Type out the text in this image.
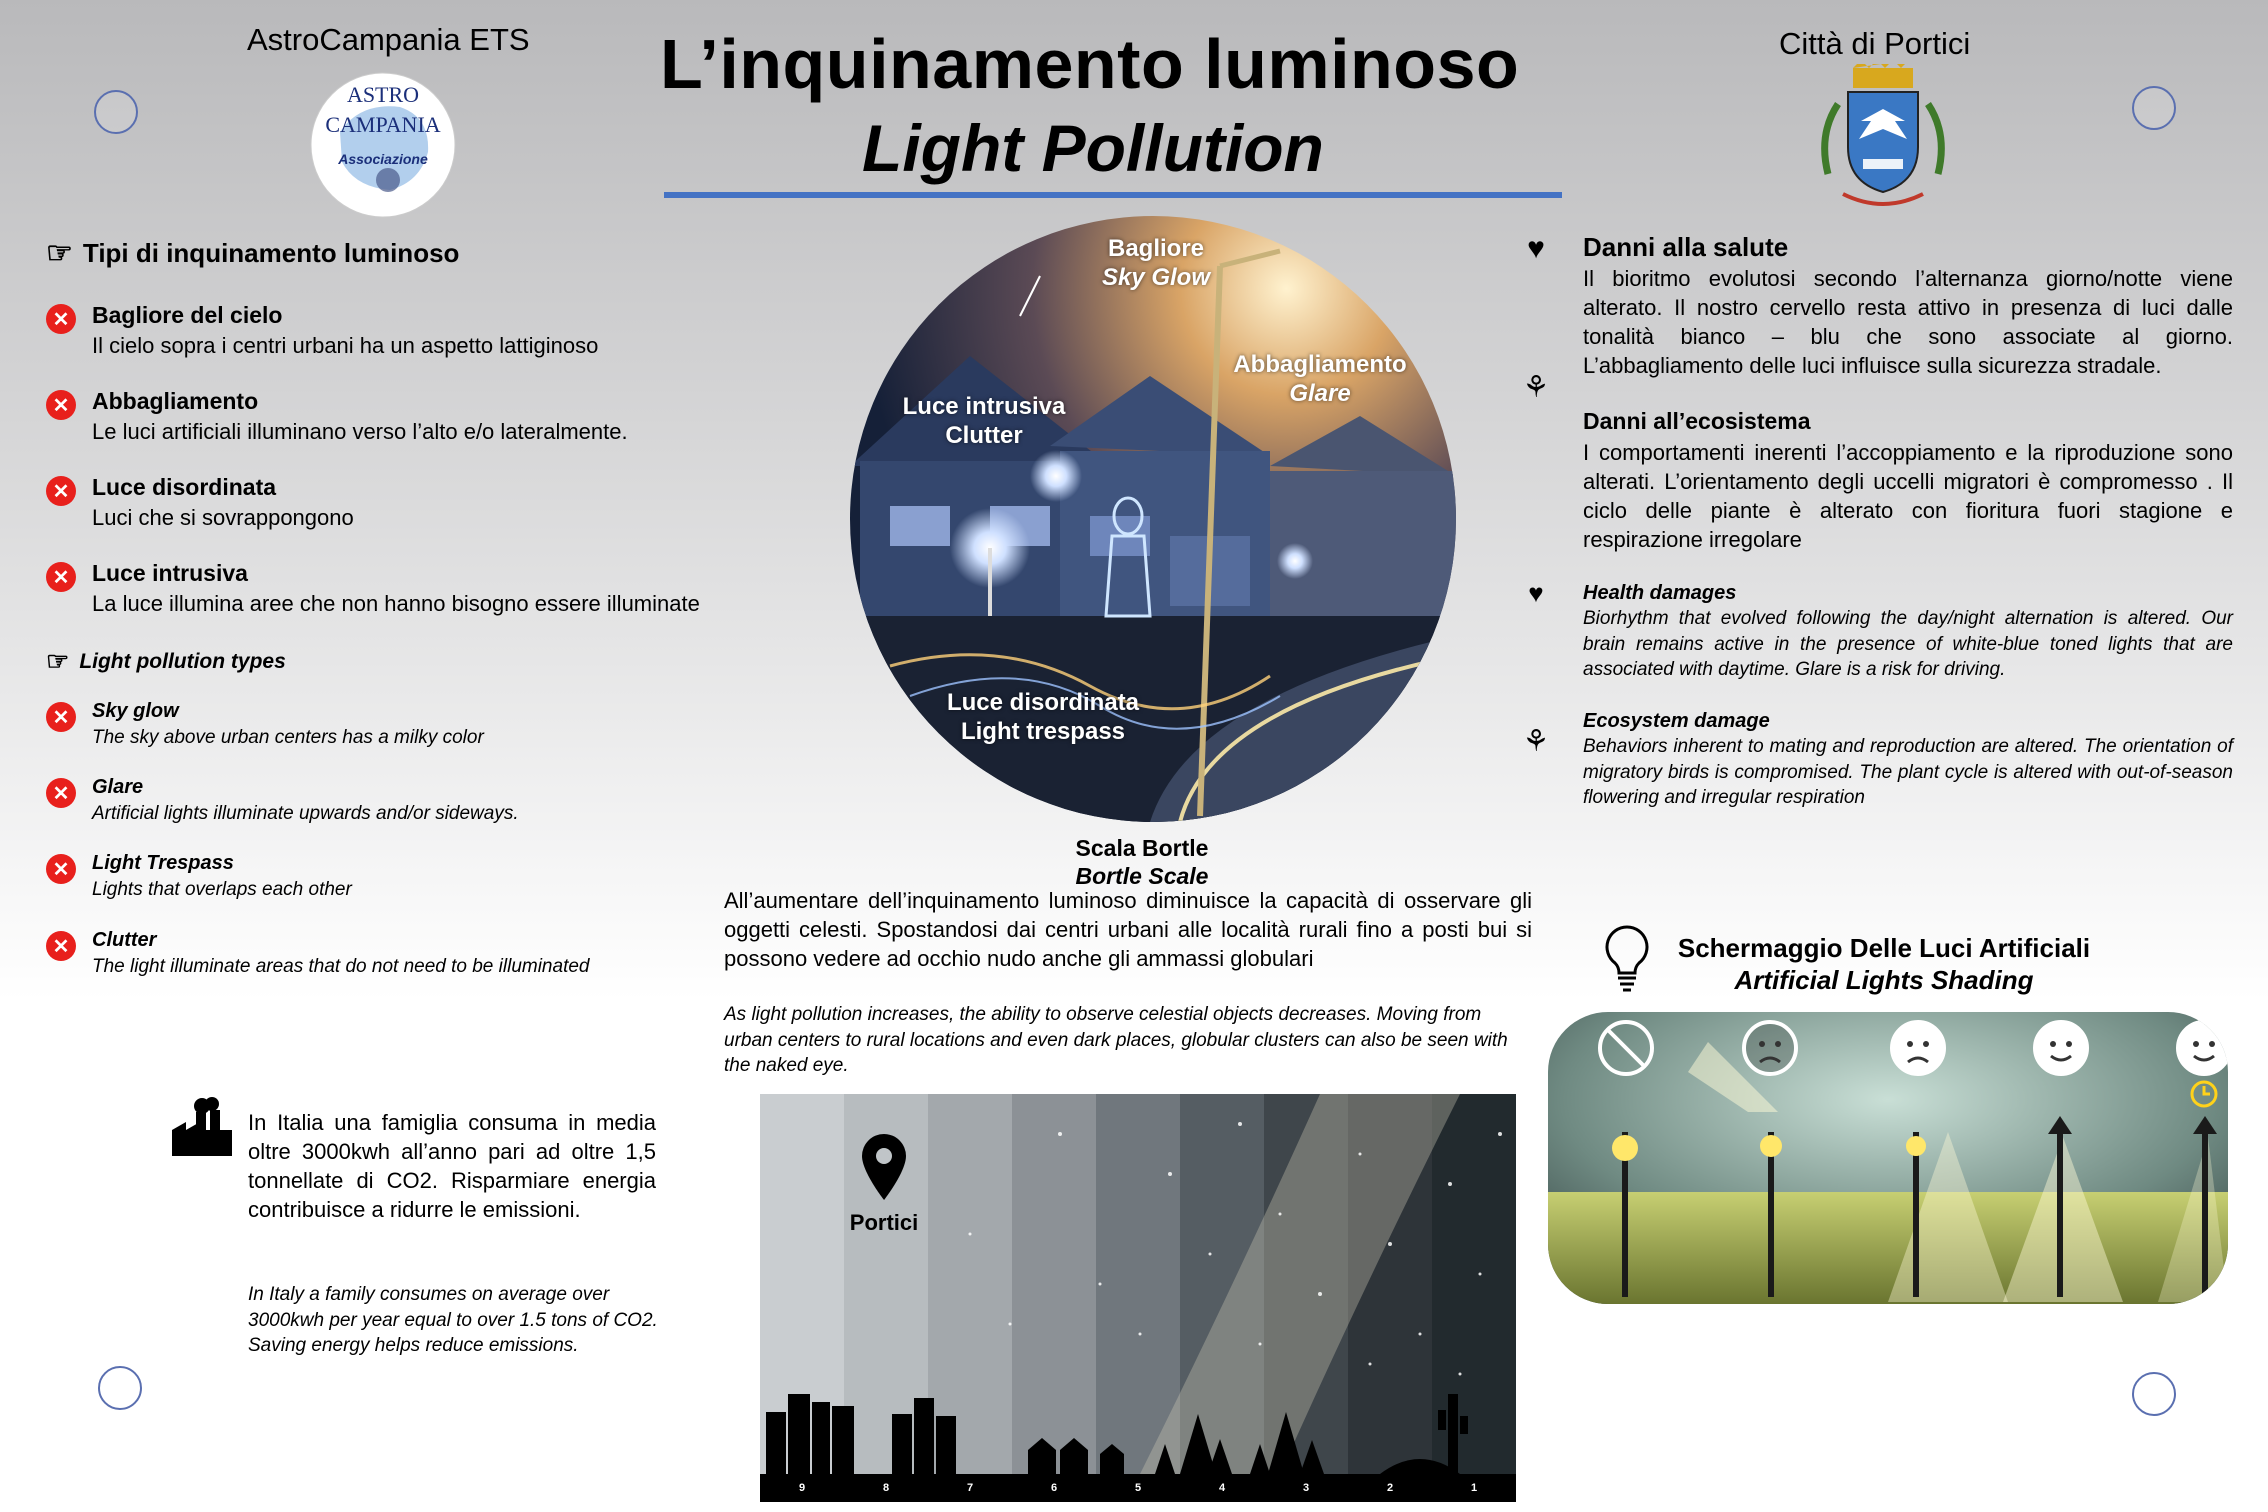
AstroCampania ETS
ASTRO
CAMPANIA
Associazione
L’inquinamento luminoso
Light Pollution
Città di Portici
☞ Tipi di inquinamento luminoso
✕ Bagliore del cielo
Il cielo sopra i centri urbani ha un aspetto lattiginoso
✕ Abbagliamento
Le luci artificiali illuminano verso l’alto e/o lateralmente.
✕ Luce disordinata
Luci che si sovrappongono
✕ Luce intrusiva
La luce illumina aree che non hanno bisogno essere illuminate
☞ Light pollution types
✕	Sky glow
The sky above urban centers has a milky color
✕	Glare
Artificial lights illuminate upwards and/or sideways.
✕	Light Trespass
Lights that overlaps each other
✕	Clutter
The light illuminate areas that do not need to be illuminated
Bagliore
Sky Glow
Abbagliamento
Glare
Luce intrusiva
Clutter
Luce disordinata
Light trespass
Scala Bortle
Bortle Scale
All’aumentare dell’inquinamento luminoso diminuisce la capacità di osservare gli oggetti celesti. Spostandosi dai centri urbani alle località rurali fino a posti bui si possono vedere ad occhio nudo anche gli ammassi globulari
As light pollution increases, the ability to observe celestial objects decreases. Moving from urban centers to rural locations and even dark places, globular clusters can also be seen with the naked eye.
Portici
9	8	7	6	5	4	3	2	1
In Italia una famiglia consuma in media oltre 3000kwh all’anno pari ad oltre 1,5 tonnellate di CO2. Risparmiare energia contribuisce a ridurre le emissioni.
In Italy a family consumes on average over 3000kwh per year equal to over 1.5 tons of CO2. Saving energy helps reduce emissions.
♥	Danni alla salute
Il bioritmo evolutosi secondo l’alternanza giorno/notte viene alterato. Il nostro cervello resta attivo in presenza di luci dalle tonalità bianco – blu che sono associate al giorno. L’abbagliamento delle luci influisce sulla sicurezza stradale.
⚘
Danni all’ecosistema
I comportamenti inerenti l’accoppiamento e la riproduzione sono alterati. L’orientamento degli uccelli migratori è compromesso . Il ciclo delle piante è alterato con fioritura fuori stagione e respirazione irregolare
♥	Health damages
Biorhythm that evolved following the day/night alternation is altered. Our brain remains active in the presence of white-blue toned lights that are associated with daytime. Glare is a risk for driving.
⚘
Ecosystem damage
Behaviors inherent to mating and reproduction are altered. The orientation of migratory birds is compromised. The plant cycle is altered with out-of-season flowering and irregular respiration
Schermaggio Delle Luci Artificiali
Artificial Lights Shading
